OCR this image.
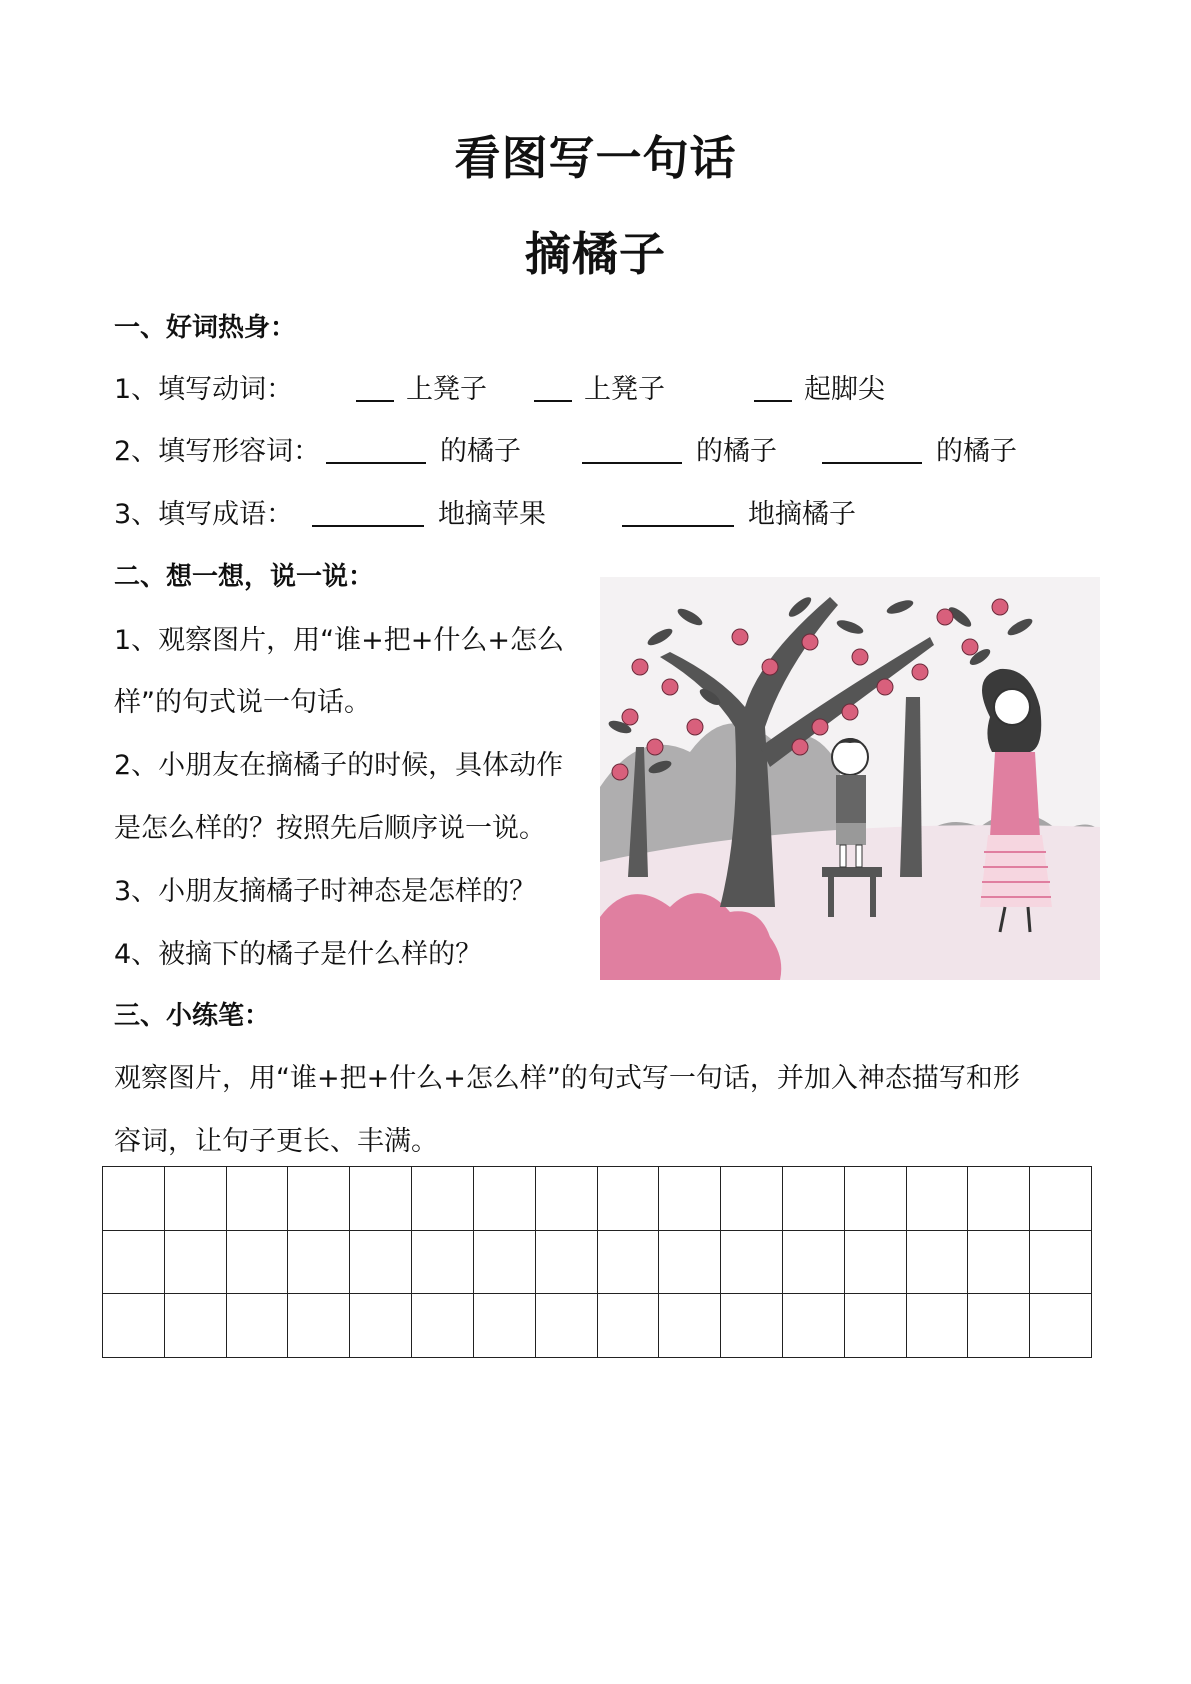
看图写一句话
摘橘子
一、好词热身：
1、填写动词：	上凳子	上凳子	起脚尖
2、填写形容词：	的橘子	的橘子	的橘子
3、填写成语：	地摘苹果	地摘橘子
二、想一想，说一说：
1、观察图片，用“谁+把+什么+怎么
样”的句式说一句话。
2、小朋友在摘橘子的时候，具体动作
是怎么样的？按照先后顺序说一说。
3、小朋友摘橘子时神态是怎样的？
4、被摘下的橘子是什么样的？
三、小练笔：
观察图片，用“谁+把+什么+怎么样”的句式写一句话，并加入神态描写和形
容词，让句子更长、丰满。
